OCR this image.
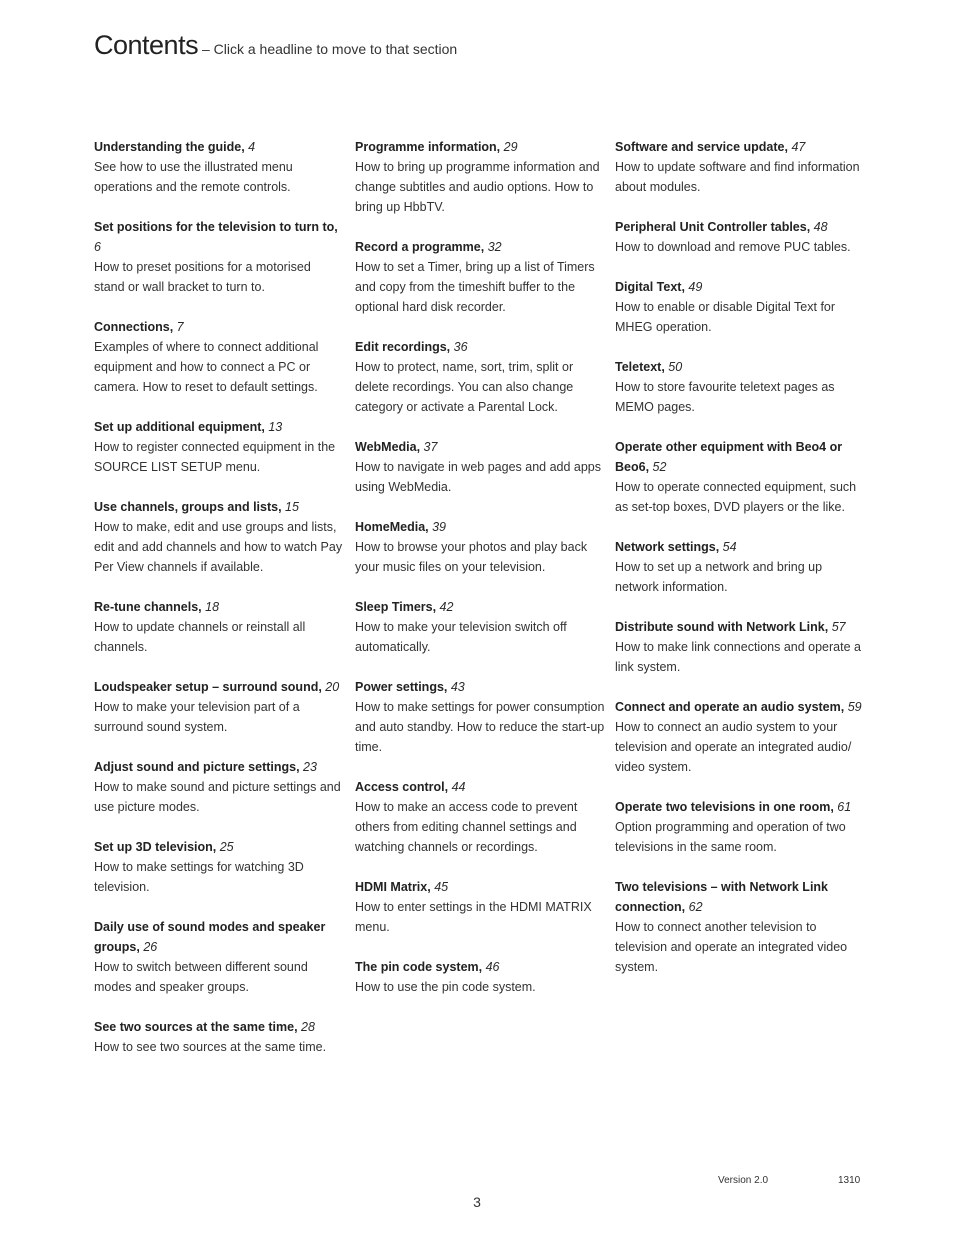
Contents – Click a headline to move to that section
Understanding the guide, 4
See how to use the illustrated menu operations and the remote controls.
Set positions for the television to turn to, 6
How to preset positions for a motorised stand or wall bracket to turn to.
Connections, 7
Examples of where to connect additional equipment and how to connect a PC or camera. How to reset to default settings.
Set up additional equipment, 13
How to register connected equipment in the SOURCE LIST SETUP menu.
Use channels, groups and lists, 15
How to make, edit and use groups and lists, edit and add channels and how to watch Pay Per View channels if available.
Re-tune channels, 18
How to update channels or reinstall all channels.
Loudspeaker setup – surround sound, 20
How to make your television part of a surround sound system.
Adjust sound and picture settings, 23
How to make sound and picture settings and use picture modes.
Set up 3D television, 25
How to make settings for watching 3D television.
Daily use of sound modes and speaker groups, 26
How to switch between different sound modes and speaker groups.
See two sources at the same time, 28
How to see two sources at the same time.
Programme information, 29
How to bring up programme information and change subtitles and audio options. How to bring up HbbTV.
Record a programme, 32
How to set a Timer, bring up a list of Timers and copy from the timeshift buffer to the optional hard disk recorder.
Edit recordings, 36
How to protect, name, sort, trim, split or delete recordings. You can also change category or activate a Parental Lock.
WebMedia, 37
How to navigate in web pages and add apps using WebMedia.
HomeMedia, 39
How to browse your photos and play back your music files on your television.
Sleep Timers, 42
How to make your television switch off automatically.
Power settings, 43
How to make settings for power consumption and auto standby. How to reduce the start-up time.
Access control, 44
How to make an access code to prevent others from editing channel settings and watching channels or recordings.
HDMI Matrix, 45
How to enter settings in the HDMI MATRIX menu.
The pin code system, 46
How to use the pin code system.
Software and service update, 47
How to update software and find information about modules.
Peripheral Unit Controller tables, 48
How to download and remove PUC tables.
Digital Text, 49
How to enable or disable Digital Text for MHEG operation.
Teletext, 50
How to store favourite teletext pages as MEMO pages.
Operate other equipment with Beo4 or Beo6, 52
How to operate connected equipment, such as set-top boxes, DVD players or the like.
Network settings, 54
How to set up a network and bring up network information.
Distribute sound with Network Link, 57
How to make link connections and operate a link system.
Connect and operate an audio system, 59
How to connect an audio system to your television and operate an integrated audio/ video system.
Operate two televisions in one room, 61
Option programming and operation of two televisions in the same room.
Two televisions – with Network Link connection, 62
How to connect another television to television and operate an integrated video system.
Version 2.0	1310
3
